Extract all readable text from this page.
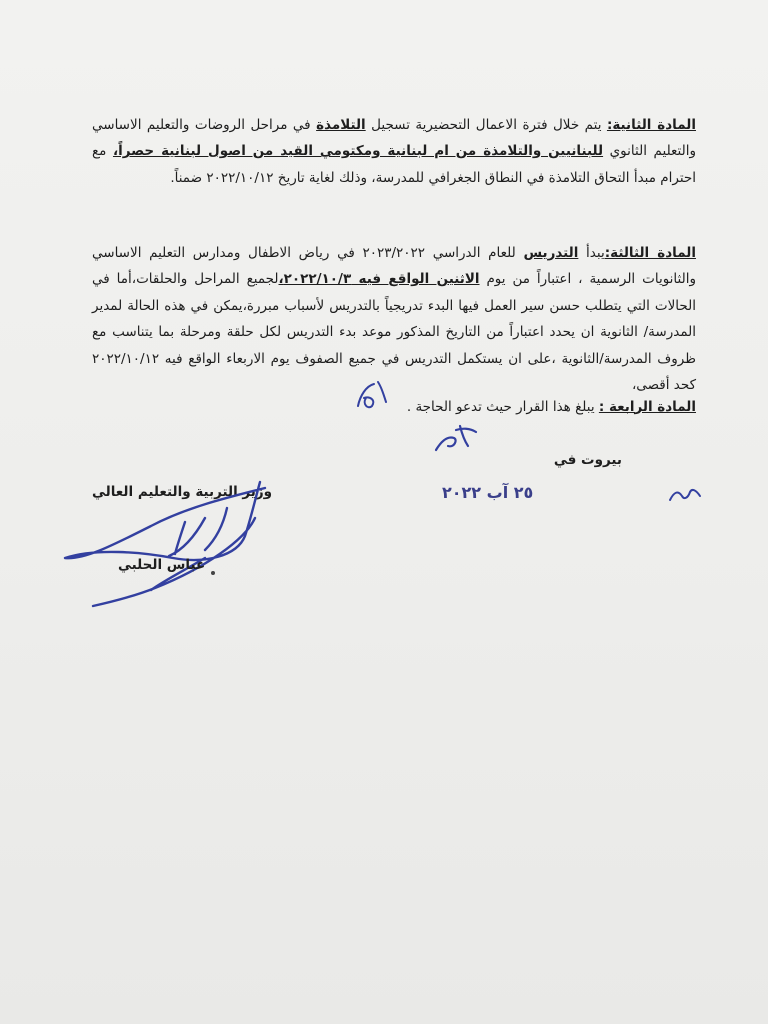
المادة الثانية: يتم خلال فترة الاعمال التحضيرية تسجيل التلامذة في مراحل الروضات والتعليم الاساسي والتعليم الثانوي للبنانيين والتلامذة من ام لبنانية ومكتومي القيد من اصول لبنانية حصراً، مع احترام مبدأ التحاق التلامذة في النطاق الجغرافي للمدرسة، وذلك لغاية تاريخ ٢٠٢٢/١٠/١٢ ضمناً.

المادة الثالثة:يبدأ التدريس للعام الدراسي ٢٠٢٣/٢٠٢٢ في رياض الاطفال ومدارس التعليم الاساسي والثانويات الرسمية ، اعتباراً من يوم الاثنين الواقع فيه ٢٠٢٢/١٠/٣،لجميع المراحل والحلقات،أما في الحالات التي يتطلب حسن سير العمل فيها البدء تدريجياً بالتدريس لأسباب مبررة،يمكن في هذه الحالة لمدير المدرسة/ الثانوية ان يحدد اعتباراً من التاريخ المذكور موعد بدء التدريس لكل حلقة ومرحلة بما يتناسب مع ظروف المدرسة/الثانوية ،على ان يستكمل التدريس في جميع الصفوف يوم الاربعاء الواقع فيه ٢٠٢٢/١٠/١٢ كحد أقصى،

المادة الرابعة : يبلغ هذا القرار حيث تدعو الحاجة .

بيروت في
٢٥ آب ٢٠٢٢
وزير التربية والتعليم العالي
عباس الحلبي
